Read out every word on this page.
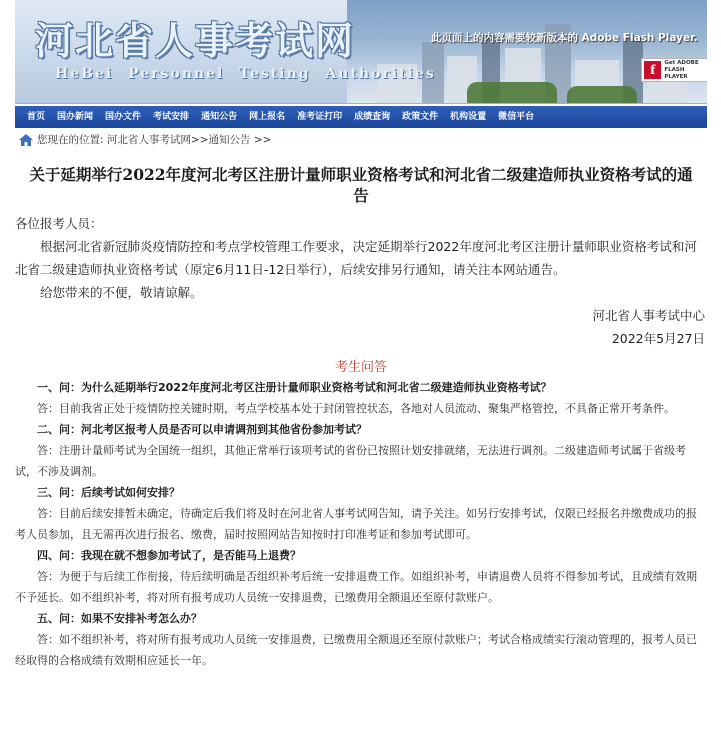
河北省人事考试网
HeBei Personnel Testing Authorities
此页面上的内容需要较新版本的 Adobe Flash Player.
f
Get ADOBE
FLASH PLAYER
首页	国办新闻	国办文件	考试安排	通知公告	网上报名	准考证打印	成绩查询	政策文件	机构设置	微信平台
您现在的位置:
河北省人事考试网 >> 通知公告
>>
关于延期举行2022年度河北考区注册计量师职业资格考试和河北省二级建造师执业资格考试的通告
各位报考人员：
根据河北省新冠肺炎疫情防控和考点学校管理工作要求，决定延期举行2022年度河北考区注册计量师职业资格考试和河北省二级建造师执业资格考试（原定6月11日-12日举行），后续安排另行通知，请关注本网站通告。
给您带来的不便，敬请谅解。
河北省人事考试中心
2022年5月27日
考生问答
一、问：为什么延期举行2022年度河北考区注册计量师职业资格考试和河北省二级建造师执业资格考试？
答：目前我省正处于疫情防控关键时期，考点学校基本处于封闭管控状态，各地对人员流动、聚集严格管控，不具备正常开考条件。
二、问：河北考区报考人员是否可以申请调剂到其他省份参加考试？
答：注册计量师考试为全国统一组织，其他正常举行该项考试的省份已按照计划安排就绪，无法进行调剂。二级建造师考试属于省级考试，不涉及调剂。
三、问：后续考试如何安排？
答：目前后续安排暂未确定，待确定后我们将及时在河北省人事考试网告知，请予关注。如另行安排考试，仅限已经报名并缴费成功的报考人员参加，且无需再次进行报名、缴费，届时按照网站告知按时打印准考证和参加考试即可。
四、问：我现在就不想参加考试了，是否能马上退费？
答：为便于与后续工作衔接，待后续明确是否组织补考后统一安排退费工作。如组织补考，申请退费人员将不得参加考试，且成绩有效期不予延长。如不组织补考，将对所有报考成功人员统一安排退费，已缴费用全额退还至原付款账户。
五、问：如果不安排补考怎么办？
答：如不组织补考，将对所有报考成功人员统一安排退费，已缴费用全额退还至原付款账户；考试合格成绩实行滚动管理的，报考人员已经取得的合格成绩有效期相应延长一年。
